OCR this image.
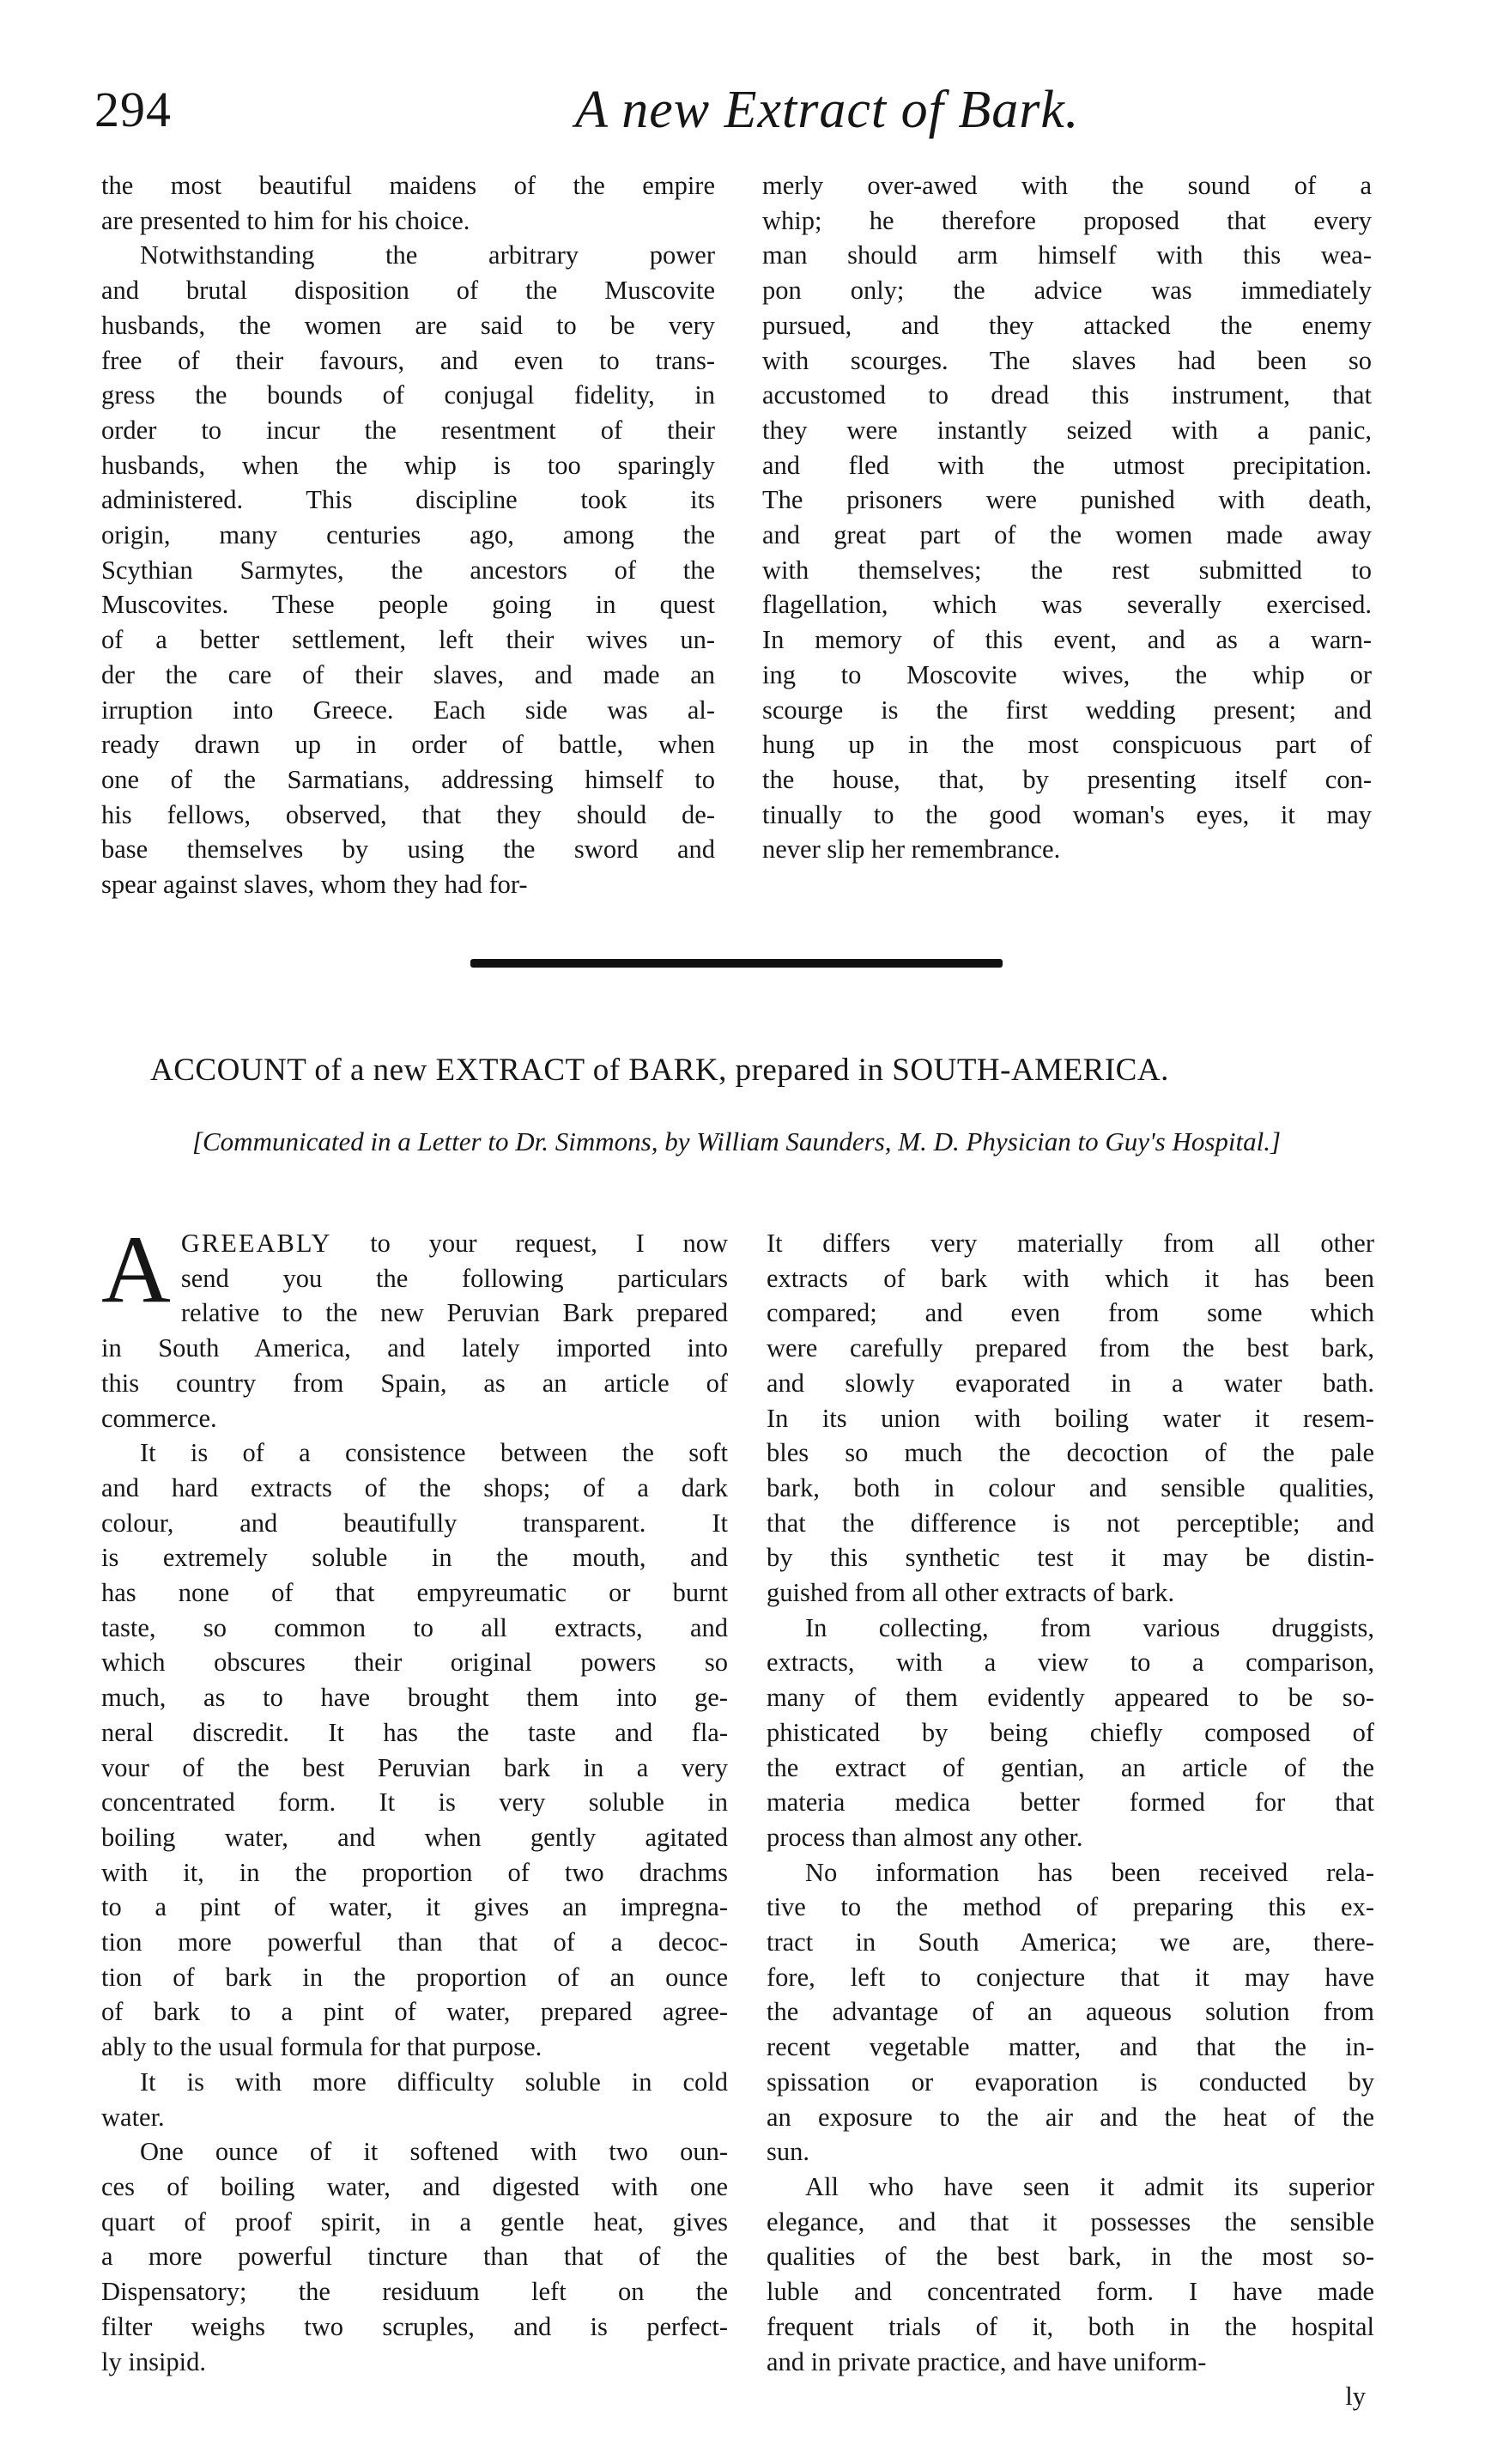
294	A new Extract of Bark.

the most beautiful maidens of the empire
are presented to him for his choice.

Notwithstanding the arbitrary power
and brutal disposition of the Muscovite
husbands, the women are said to be very
free of their favours, and even to trans-
gress the bounds of conjugal fidelity, in
order to incur the resentment of their
husbands, when the whip is too sparingly
administered. This discipline took its
origin, many centuries ago, among the
Scythian Sarmytes, the ancestors of the
Muscovites. These people going in quest
of a better settlement, left their wives un-
der the care of their slaves, and made an
irruption into Greece. Each side was al-
ready drawn up in order of battle, when
one of the Sarmatians, addressing himself to
his fellows, observed, that they should de-
base themselves by using the sword and
spear against slaves, whom they had for-

merly over-awed with the sound of a
whip; he therefore proposed that every
man should arm himself with this wea-
pon only; the advice was immediately
pursued, and they attacked the enemy
with scourges. The slaves had been so
accustomed to dread this instrument, that
they were instantly seized with a panic,
and fled with the utmost precipitation.
The prisoners were punished with death,
and great part of the women made away
with themselves; the rest submitted to
flagellation, which was severally exercised.
In memory of this event, and as a warn-
ing to Moscovite wives, the whip or
scourge is the first wedding present; and
hung up in the most conspicuous part of
the house, that, by presenting itself con-
tinually to the good woman's eyes, it may
never slip her remembrance.

ACCOUNT of a new EXTRACT of BARK, prepared in SOUTH-AMERICA.
[Communicated in a Letter to Dr. Simmons, by William Saunders, M. D. Physician to Guy's Hospital.]
A GREEABLY to your request, I now
send you the following particulars
relative to the new Peruvian Bark prepared
in South America, and lately imported into
this country from Spain, as an article of
commerce.

It is of a consistence between the soft
and hard extracts of the shops; of a dark
colour, and beautifully transparent. It
is extremely soluble in the mouth, and
has none of that empyreumatic or burnt
taste, so common to all extracts, and
which obscures their original powers so
much, as to have brought them into ge-
neral discredit. It has the taste and fla-
vour of the best Peruvian bark in a very
concentrated form. It is very soluble in
boiling water, and when gently agitated
with it, in the proportion of two drachms
to a pint of water, it gives an impregna-
tion more powerful than that of a decoc-
tion of bark in the proportion of an ounce
of bark to a pint of water, prepared agree-
ably to the usual formula for that purpose.

It is with more difficulty soluble in cold
water.

One ounce of it softened with two oun-
ces of boiling water, and digested with one
quart of proof spirit, in a gentle heat, gives
a more powerful tincture than that of the
Dispensatory; the residuum left on the
filter weighs two scruples, and is perfect-
ly insipid.

It differs very materially from all other
extracts of bark with which it has been
compared; and even from some which
were carefully prepared from the best bark,
and slowly evaporated in a water bath.
In its union with boiling water it resem-
bles so much the decoction of the pale
bark, both in colour and sensible qualities,
that the difference is not perceptible; and
by this synthetic test it may be distin-
guished from all other extracts of bark.

In collecting, from various druggists,
extracts, with a view to a comparison,
many of them evidently appeared to be so-
phisticated by being chiefly composed of
the extract of gentian, an article of the
materia medica better formed for that
process than almost any other.

No information has been received rela-
tive to the method of preparing this ex-
tract in South America; we are, there-
fore, left to conjecture that it may have
the advantage of an aqueous solution from
recent vegetable matter, and that the in-
spissation or evaporation is conducted by
an exposure to the air and the heat of the
sun.

All who have seen it admit its superior
elegance, and that it possesses the sensible
qualities of the best bark, in the most so-
luble and concentrated form. I have made
frequent trials of it, both in the hospital
and in private practice, and have uniform-

ly
